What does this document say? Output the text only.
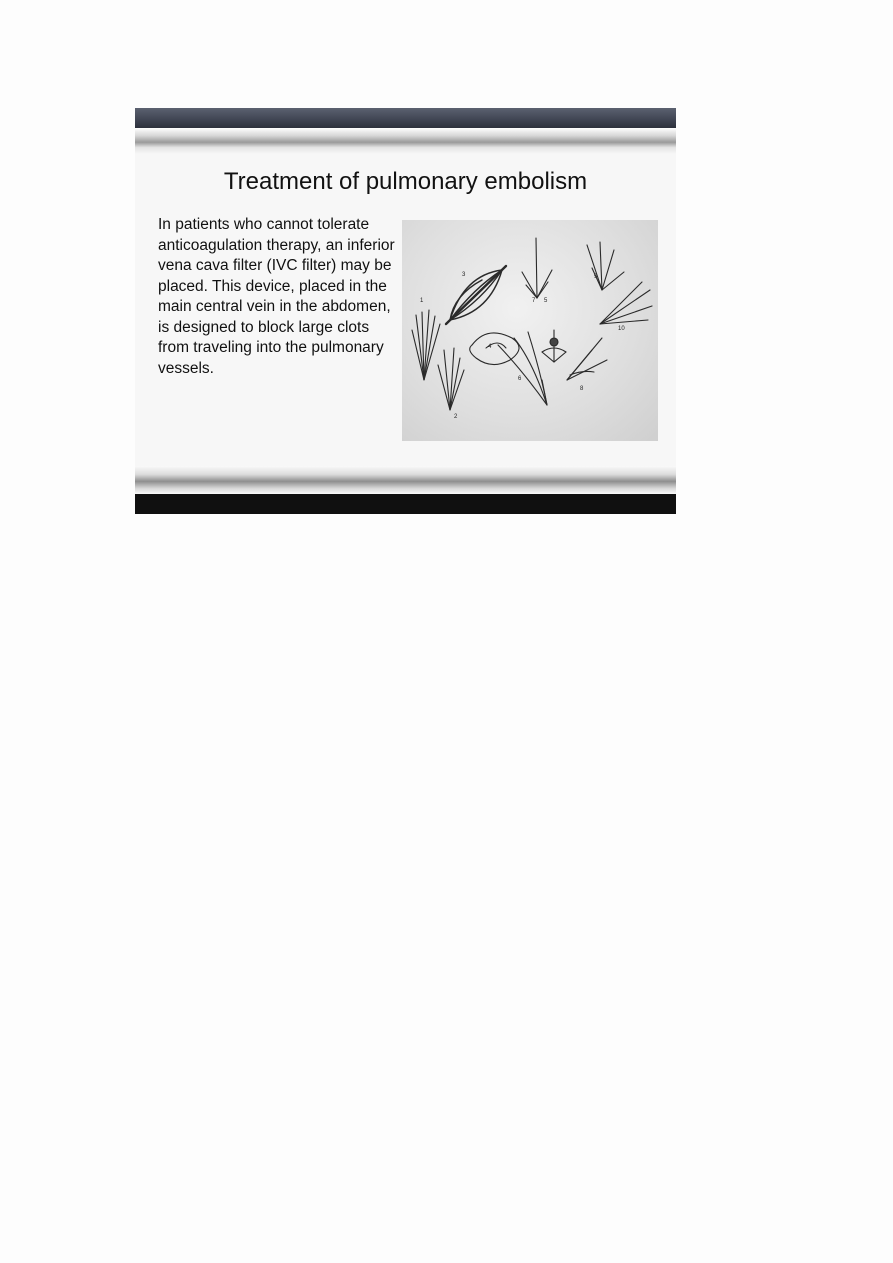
Treatment of pulmonary embolism
In patients who cannot tolerate anticoagulation therapy, an inferior vena cava filter (IVC filter) may be placed. This device, placed in the main central vein in the abdomen, is designed to block large clots from traveling into the pulmonary vessels.
1
2
3
4
5
6
7
8
9
10
